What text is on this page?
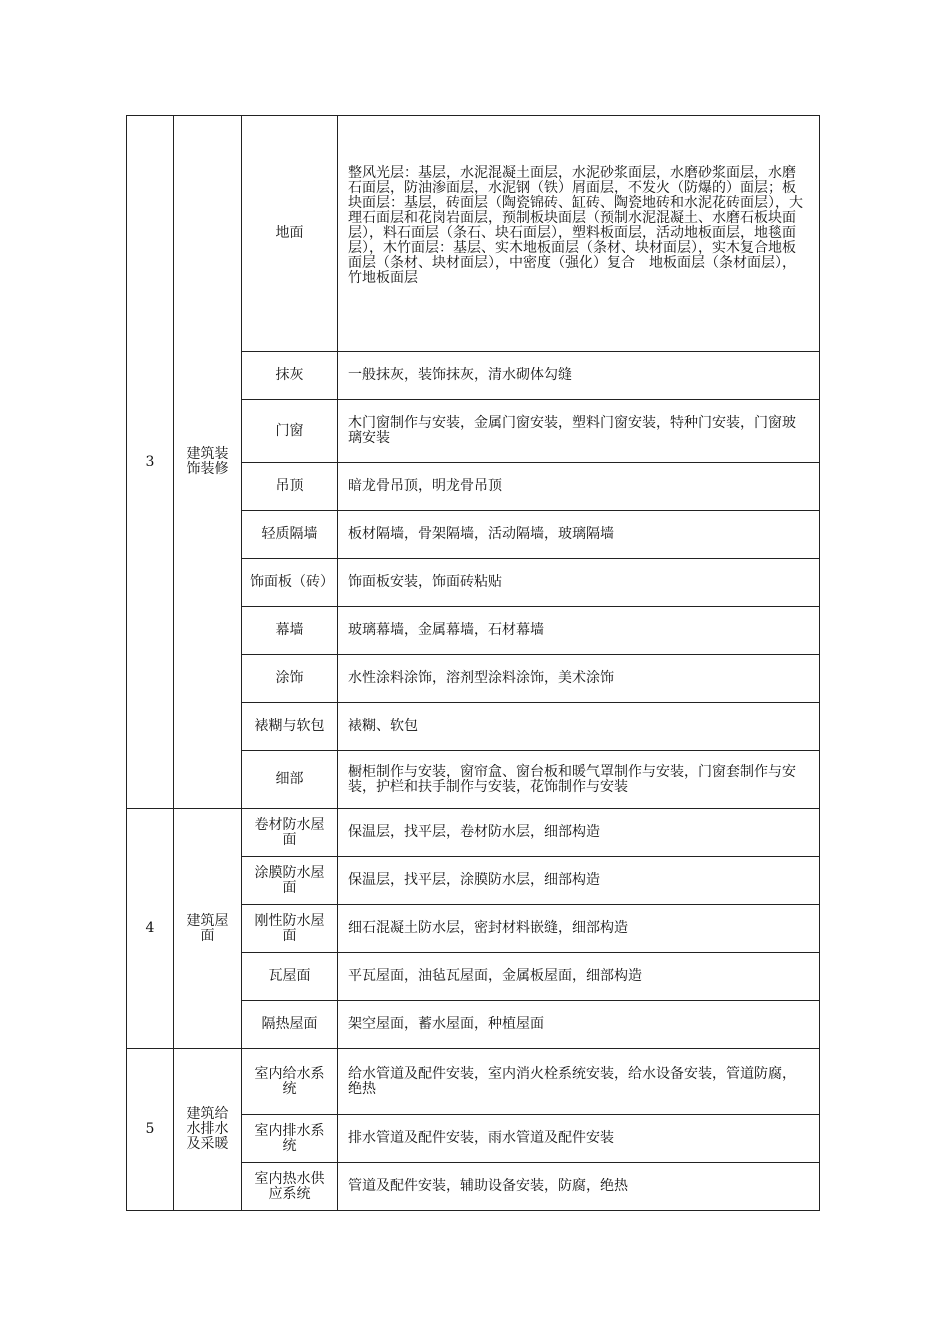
3	建筑装饰装修	地面	整风光层：基层，水泥混凝土面层，水泥砂浆面层，水磨砂浆面层，水磨石面层，防油渗面层，水泥钢（铁）屑面层，不发火（防爆的）面层；板块面层：基层，砖面层（陶瓷锦砖、缸砖、陶瓷地砖和水泥花砖面层），大理石面层和花岗岩面层，预制板块面层（预制水泥混凝土、水磨石板块面层），料石面层（条石、块石面层），塑料板面层，活动地板面层，地毯面层），木竹面层：基层、实木地板面层（条材、块材面层），实木复合地板面层（条材、块材面层），中密度（强化）复合　地板面层（条材面层），竹地板面层
		抹灰	一般抹灰，装饰抹灰，清水砌体勾缝
		门窗	木门窗制作与安装，金属门窗安装，塑料门窗安装，特种门安装，门窗玻璃安装
		吊顶	暗龙骨吊顶，明龙骨吊顶
		轻质隔墙	板材隔墙，骨架隔墙，活动隔墙，玻璃隔墙
		饰面板（砖）	饰面板安装，饰面砖粘贴
		幕墙	玻璃幕墙，金属幕墙，石材幕墙
		涂饰	水性涂料涂饰，溶剂型涂料涂饰，美术涂饰
		裱糊与软包	裱糊、软包
		细部	橱柜制作与安装，窗帘盒、窗台板和暖气罩制作与安装，门窗套制作与安装，护栏和扶手制作与安装，花饰制作与安装
4	建筑屋面	卷材防水屋面	保温层，找平层，卷材防水层，细部构造
		涂膜防水屋面	保温层，找平层，涂膜防水层，细部构造
		刚性防水屋面	细石混凝土防水层，密封材料嵌缝，细部构造
		瓦屋面	平瓦屋面，油毡瓦屋面，金属板屋面，细部构造
		隔热屋面	架空屋面，蓄水屋面，种植屋面
5	建筑给水排水及采暖	室内给水系统	给水管道及配件安装，室内消火栓系统安装，给水设备安装，管道防腐，绝热
		室内排水系统	排水管道及配件安装，雨水管道及配件安装
		室内热水供应系统	管道及配件安装，辅助设备安装，防腐，绝热
